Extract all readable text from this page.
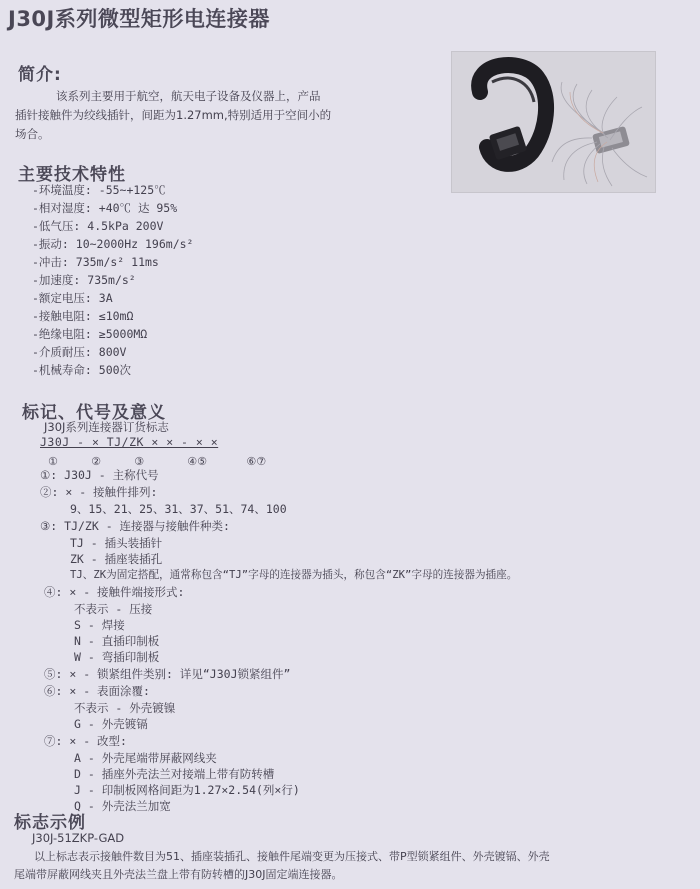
J30J系列微型矩形电连接器
简介:
该系列主要用于航空，航天电子设备及仪器上，产品
插针接触件为绞线插针，间距为1.27mm,特别适用于空间小的
场合。
主要技术特性
-环境温度: -55~+125℃
-相对湿度: +40℃ 达 95%
-低气压: 4.5kPa 200V
-振动: 10~2000Hz 196m/s²
-冲击: 735m/s² 11ms
-加速度: 735m/s²
-额定电压: 3A
-接触电阻: ≤10mΩ
-绝缘电阻: ≥5000MΩ
-介质耐压: 800V
-机械寿命: 500次
标记、代号及意义
J30J系列连接器订货标志
J30J - × TJ/ZK × × - × ×
①	②	③	④⑤	⑥⑦
①: J30J - 主称代号
②: × - 接触件排列:
9、15、21、25、31、37、51、74、100
③: TJ/ZK - 连接器与接触件种类:
TJ - 插头装插针
ZK - 插座装插孔
TJ、ZK为固定搭配，通常称包含“TJ”字母的连接器为插头，称包含“ZK”字母的连接器为插座。
④: × - 接触件端接形式:
不表示 - 压接
S - 焊接
N - 直插印制板
W - 弯插印制板
⑤: × - 锁紧组件类别: 详见“J30J锁紧组件”
⑥: × - 表面涂覆:
不表示 - 外壳镀镍
G - 外壳镀镉
⑦: × - 改型:
A - 外壳尾端带屏蔽网线夹
D - 插座外壳法兰对接端上带有防转槽
J - 印制板网格间距为1.27×2.54(列×行)
Q - 外壳法兰加宽
标志示例
J30J-51ZKP-GAD
以上标志表示接触件数目为51、插座装插孔、接触件尾端变更为压接式、带P型锁紧组件、外壳镀镉、外壳
尾端带屏蔽网线夹且外壳法兰盘上带有防转槽的J30J固定端连接器。
